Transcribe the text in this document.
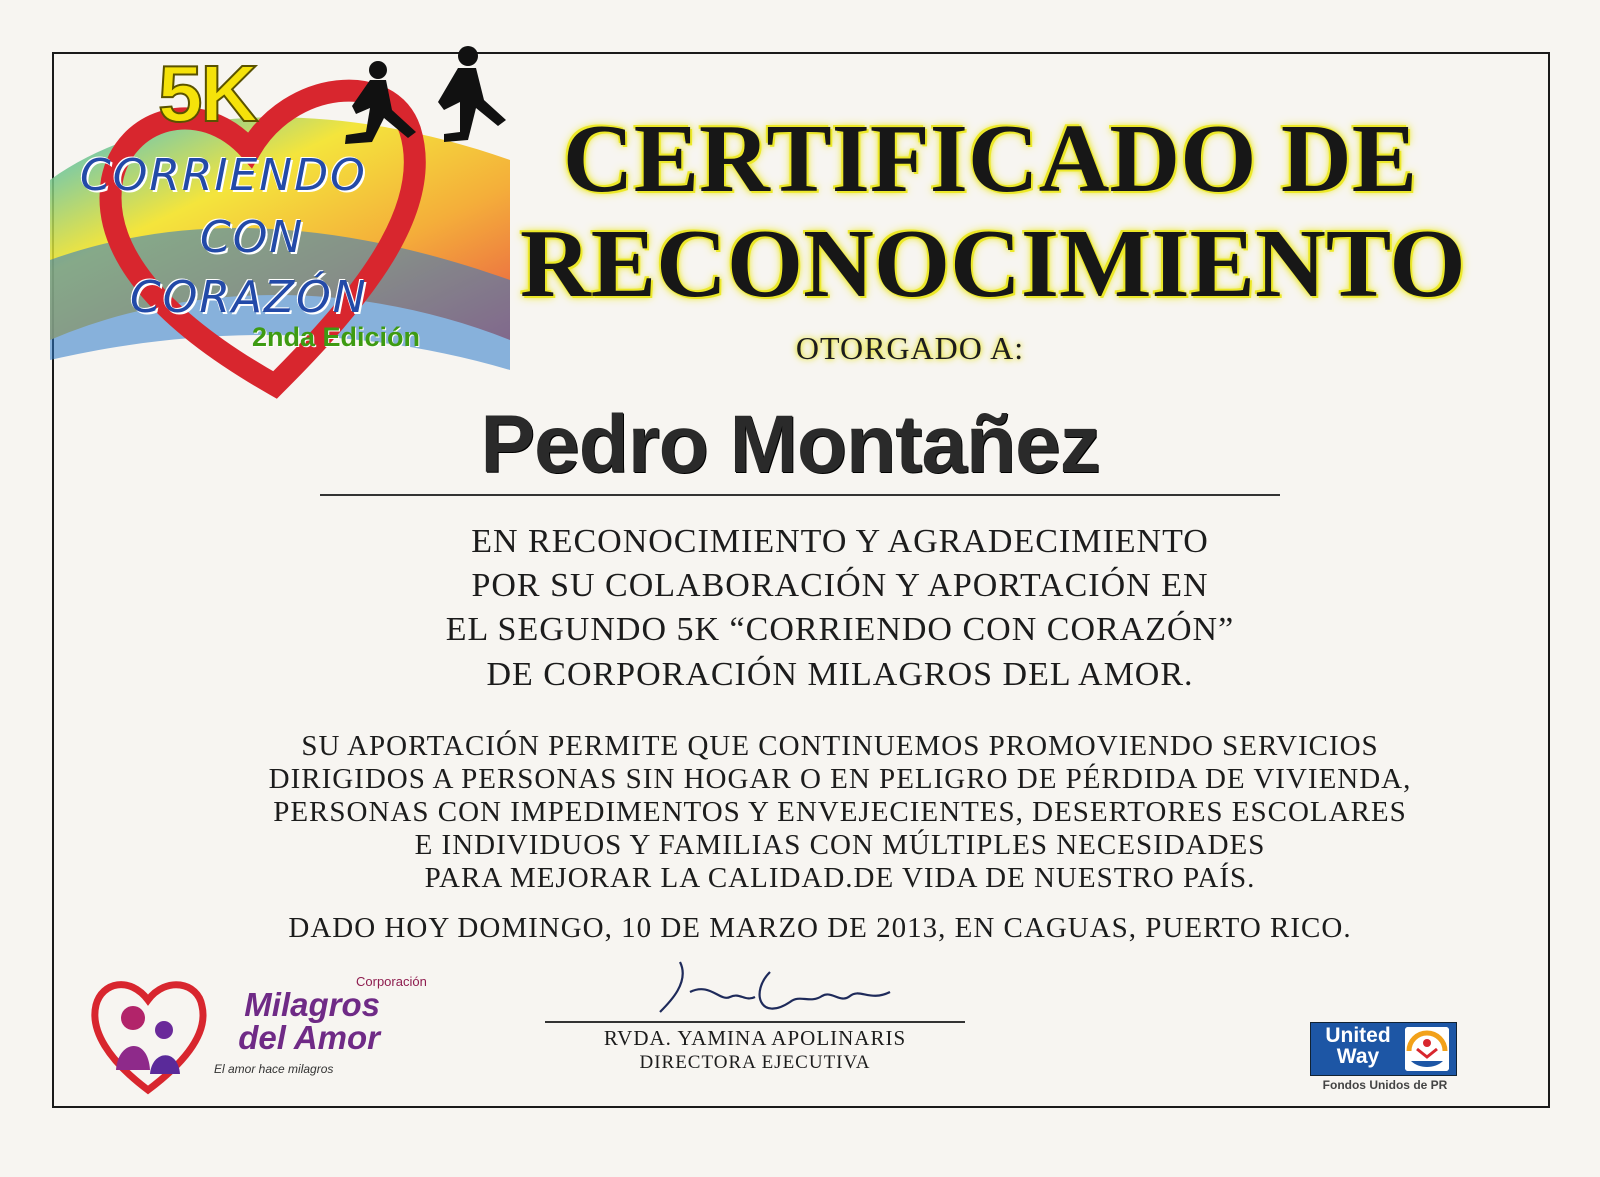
5K
CORRIENDO
CON
CORAZÓN
2nda Edición
CERTIFICADO DE
RECONOCIMIENTO
OTORGADO A:
Pedro Montañez
EN RECONOCIMIENTO Y AGRADECIMIENTO
POR SU COLABORACIÓN Y APORTACIÓN EN
EL SEGUNDO 5K “CORRIENDO CON CORAZÓN”
DE CORPORACIÓN MILAGROS DEL AMOR.
SU APORTACIÓN PERMITE QUE CONTINUEMOS PROMOVIENDO SERVICIOS
DIRIGIDOS A PERSONAS SIN HOGAR O EN PELIGRO DE PÉRDIDA DE VIVIENDA,
PERSONAS CON IMPEDIMENTOS Y ENVEJECIENTES, DESERTORES ESCOLARES
E INDIVIDUOS Y FAMILIAS CON MÚLTIPLES NECESIDADES
PARA MEJORAR LA CALIDAD.DE VIDA DE NUESTRO PAÍS.
DADO HOY DOMINGO, 10 DE MARZO DE 2013, EN CAGUAS, PUERTO RICO.
RVDA. YAMINA APOLINARIS
DIRECTORA EJECUTIVA
Corporación
Milagros
del Amor
El amor hace milagros
United
Way
Fondos Unidos de PR
